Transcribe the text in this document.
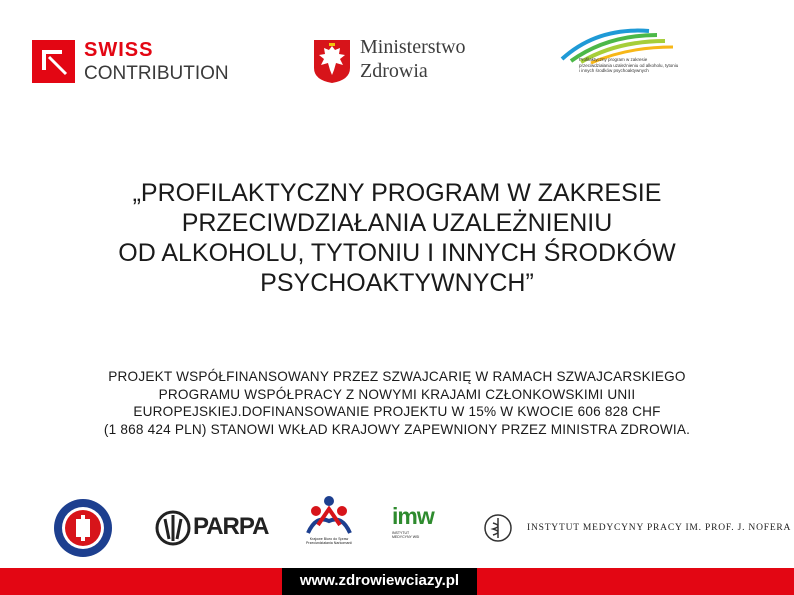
SWISS
CONTRIBUTION
Ministerstwo
Zdrowia
Profilaktyczny program w zakresie przeciwdziałania uzależnieniu od alkoholu, tytoniu i innych środków psychoaktywnych
„PROFILAKTYCZNY PROGRAM W ZAKRESIE
PRZECIWDZIAŁANIA UZALEŻNIENIU
OD ALKOHOLU, TYTONIU I INNYCH ŚRODKÓW
PSYCHOAKTYWNYCH”
PROJEKT WSPÓŁFINANSOWANY PRZEZ SZWAJCARIĘ W RAMACH SZWAJCARSKIEGO
PROGRAMU WSPÓŁPRACY Z NOWYMI KRAJAMI CZŁONKOWSKIMI UNII
EUROPEJSKIEJ.DOFINANSOWANIE PROJEKTU W 15% W KWOCIE 606 828 CHF
(1 868 424 PLN) STANOWI WKŁAD KRAJOWY ZAPEWNIONY PRZEZ MINISTRA ZDROWIA.
PARPA	Krajowe Biuro do Spraw Przeciwdziałania Narkomanii
imw
INSTYTUT MEDYCYNY WSI
INSTYTUT MEDYCYNY PRACY IM. PROF. J. NOFERA
www.zdrowiewciazy.pl
